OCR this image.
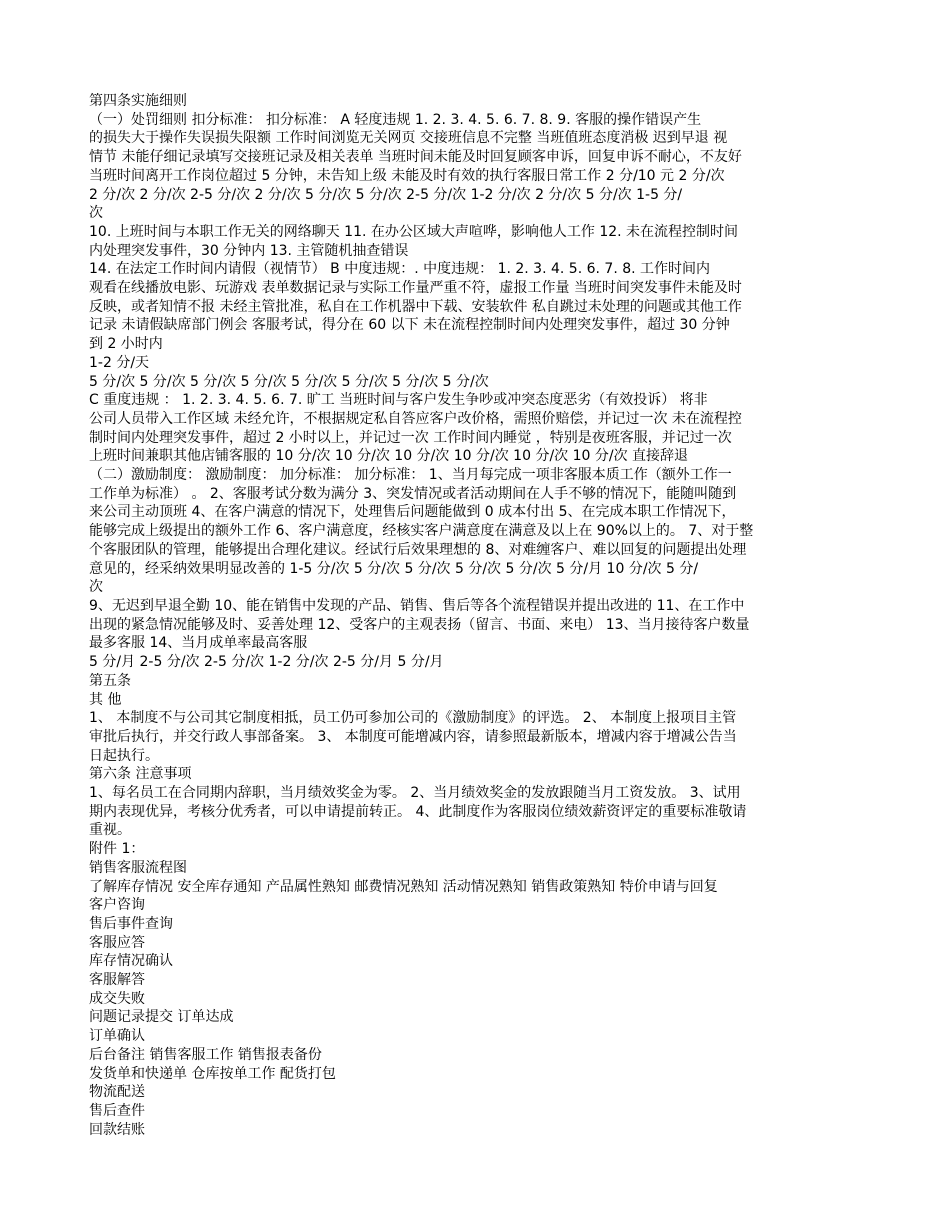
第四条实施细则
（一）处罚细则 扣分标准： 扣分标准： A 轻度违规 1. 2. 3. 4. 5. 6. 7. 8. 9. 客服的操作错误产生
的损失大于操作失误损失限额 工作时间浏览无关网页 交接班信息不完整 当班值班态度消极 迟到早退 视
情节 未能仔细记录填写交接班记录及相关表单 当班时间未能及时回复顾客申诉，回复申诉不耐心，不友好
当班时间离开工作岗位超过 5 分钟，未告知上级 未能及时有效的执行客服日常工作 2 分/10 元 2 分/次
2 分/次 2 分/次 2-5 分/次 2 分/次 5 分/次 5 分/次 2-5 分/次 1-2 分/次 2 分/次 5 分/次 1-5 分/
次
10. 上班时间与本职工作无关的网络聊天 11. 在办公区域大声喧哗，影响他人工作 12. 未在流程控制时间
内处理突发事件，30 分钟内 13. 主管随机抽查错误
14. 在法定工作时间内请假（视情节） B 中度违规：. 中度违规： 1. 2. 3. 4. 5. 6. 7. 8. 工作时间内
观看在线播放电影、玩游戏 表单数据记录与实际工作量严重不符，虚报工作量 当班时间突发事件未能及时
反映，或者知情不报 未经主管批准，私自在工作机器中下载、安装软件 私自跳过未处理的问题或其他工作
记录 未请假缺席部门例会 客服考试，得分在 60 以下 未在流程控制时间内处理突发事件，超过 30 分钟
到 2 小时内
1-2 分/天
5 分/次 5 分/次 5 分/次 5 分/次 5 分/次 5 分/次 5 分/次 5 分/次
C 重度违规 ： 1. 2. 3. 4. 5. 6. 7. 旷工 当班时间与客户发生争吵或冲突态度恶劣（有效投诉） 将非
公司人员带入工作区域 未经允许，不根据规定私自答应客户改价格，需照价赔偿，并记过一次 未在流程控
制时间内处理突发事件，超过 2 小时以上，并记过一次 工作时间内睡觉 ，特别是夜班客服，并记过一次
上班时间兼职其他店铺客服的 10 分/次 10 分/次 10 分/次 10 分/次 10 分/次 10 分/次 直接辞退
（二）激励制度： 激励制度： 加分标准： 加分标准： 1、当月每完成一项非客服本质工作（额外工作一
工作单为标准） 。 2、客服考试分数为满分 3、突发情况或者活动期间在人手不够的情况下，能随叫随到
来公司主动顶班 4、在客户满意的情况下，处理售后问题能做到 0 成本付出 5、在完成本职工作情况下，
能够完成上级提出的额外工作 6、客户满意度，经核实客户满意度在满意及以上在 90%以上的。 7、对于整
个客服团队的管理，能够提出合理化建议。经试行后效果理想的 8、对难缠客户、难以回复的问题提出处理
意见的，经采纳效果明显改善的 1-5 分/次 5 分/次 5 分/次 5 分/次 5 分/次 5 分/月 10 分/次 5 分/
次
9、无迟到早退全勤 10、能在销售中发现的产品、销售、售后等各个流程错误并提出改进的 11、在工作中
出现的紧急情况能够及时、妥善处理 12、受客户的主观表扬（留言、书面、来电） 13、当月接待客户数量
最多客服 14、当月成单率最高客服
5 分/月 2-5 分/次 2-5 分/次 1-2 分/次 2-5 分/月 5 分/月
第五条
其 他
1、 本制度不与公司其它制度相抵，员工仍可参加公司的《激励制度》的评选。 2、 本制度上报项目主管
审批后执行，并交行政人事部备案。 3、 本制度可能增减内容，请参照最新版本，增减内容于增减公告当
日起执行。
第六条 注意事项
1、每名员工在合同期内辞职，当月绩效奖金为零。 2、当月绩效奖金的发放跟随当月工资发放。 3、试用
期内表现优异，考核分优秀者，可以申请提前转正。 4、此制度作为客服岗位绩效薪资评定的重要标准敬请
重视。
附件 1：
销售客服流程图
了解库存情况 安全库存通知 产品属性熟知 邮费情况熟知 活动情况熟知 销售政策熟知 特价申请与回复
客户咨询
售后事件查询
客服应答
库存情况确认
客服解答
成交失败
问题记录提交 订单达成
订单确认
后台备注 销售客服工作 销售报表备份
发货单和快递单 仓库按单工作 配货打包
物流配送
售后查件
回款结账
